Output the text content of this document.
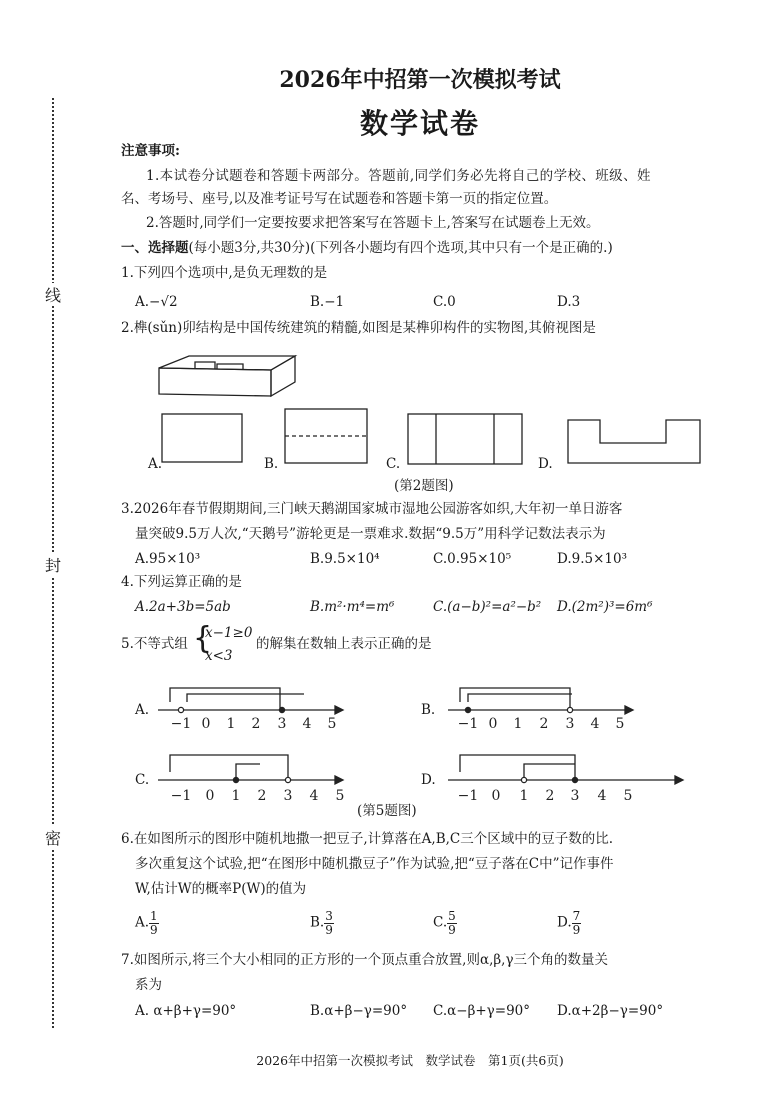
线
封
密
2026年中招第一次模拟考试
数学试卷
注意事项:
1.本试卷分试题卷和答题卡两部分。答题前,同学们务必先将自己的学校、班级、姓
名、考场号、座号,以及准考证号写在试题卷和答题卡第一页的指定位置。
2.答题时,同学们一定要按要求把答案写在答题卡上,答案写在试题卷上无效。
一、选择题(每小题3分,共30分)(下列各小题均有四个选项,其中只有一个是正确的.)
1.下列四个选项中,是负无理数的是
A.−√2	B.−1	C.0	D.3
2.榫(sǔn)卯结构是中国传统建筑的精髓,如图是某榫卯构件的实物图,其俯视图是
A.	B.	C.	D.
(第2题图)
3.2026年春节假期期间,三门峡天鹅湖国家城市湿地公园游客如织,大年初一单日游客
量突破9.5万人次,“天鹅号”游轮更是一票难求.数据“9.5万”用科学记数法表示为
A.95×10³	B.9.5×10⁴	C.0.95×10⁵	D.9.5×10³
4.下列运算正确的是
A.2a+3b=5ab	B.m²·m⁴=m⁶	C.(a−b)²=a²−b² D.(2m²)³=6m⁶
5.不等式组 {
x−1≥0
x<3
的解集在数轴上表示正确的是
−1 0 1 2 3 4 5	−1 0 1 2 3 4 5
−1 0 1 2 3 4 5	−1 0 1 2 3 4 5
A.	B.
C.	D.
(第5题图)
6.在如图所示的图形中随机地撒一把豆子,计算落在A,B,C三个区域中的豆子数的比.
多次重复这个试验,把“在图形中随机撒豆子”作为试验,把“豆子落在C中”记作事件
W,估计W的概率P(W)的值为
A. $\frac{1}{9}$	B. $\frac{3}{9}$	C. $\frac{5}{9}$	D. $\frac{7}{9}$
7.如图所示,将三个大小相同的正方形的一个顶点重合放置,则α,β,γ三个角的数量关
系为
A. α+β+γ=90°	B.α+β−γ=90° C.α−β+γ=90° D.α+2β−γ=90°
2026年中招第一次模拟考试　数学试卷　第1页(共6页)
